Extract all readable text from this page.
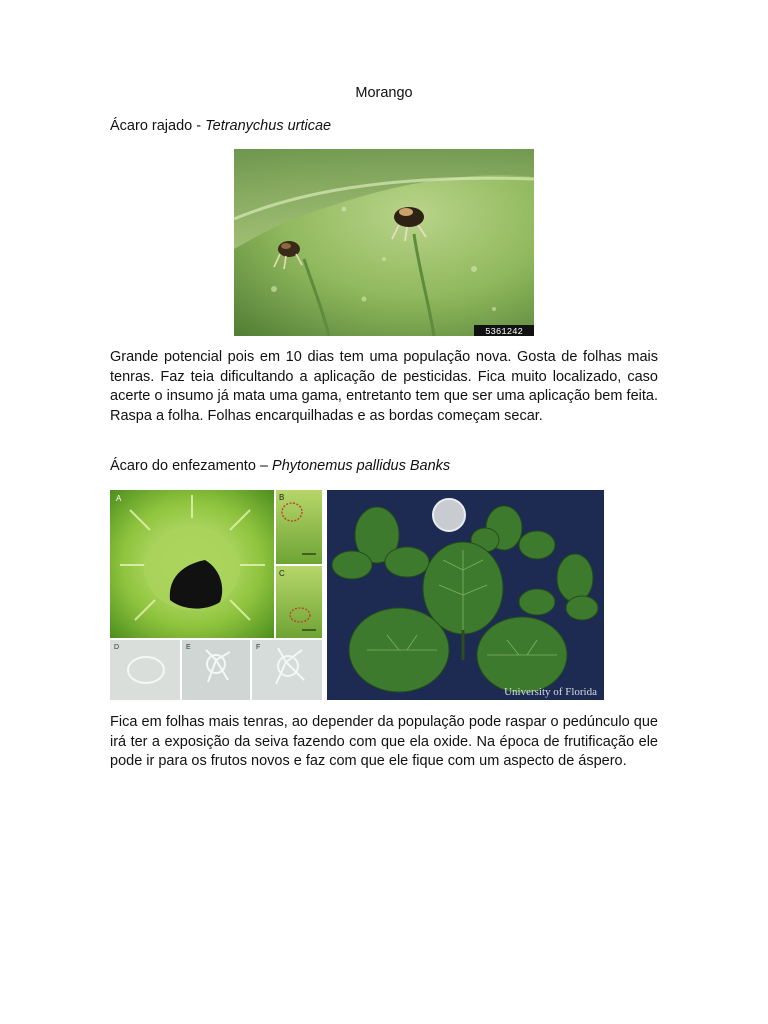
Morango
Ácaro rajado - Tetranychus urticae
5361242
Grande potencial pois em 10 dias tem uma população nova. Gosta de folhas mais tenras. Faz teia dificultando a aplicação de pesticidas. Fica muito localizado, caso acerte o insumo já mata uma gama, entretanto tem que ser uma aplicação bem feita. Raspa a folha. Folhas encarquilhadas e as bordas começam secar.
Ácaro do enfezamento – Phytonemus pallidus Banks
A	B
C
D	E	F
University of Florida
Fica em folhas mais tenras, ao depender da população pode raspar o pedúnculo que irá ter a exposição da seiva fazendo com que ela oxide. Na época de frutificação ele pode ir para os frutos novos e faz com que ele fique com um aspecto de áspero.
